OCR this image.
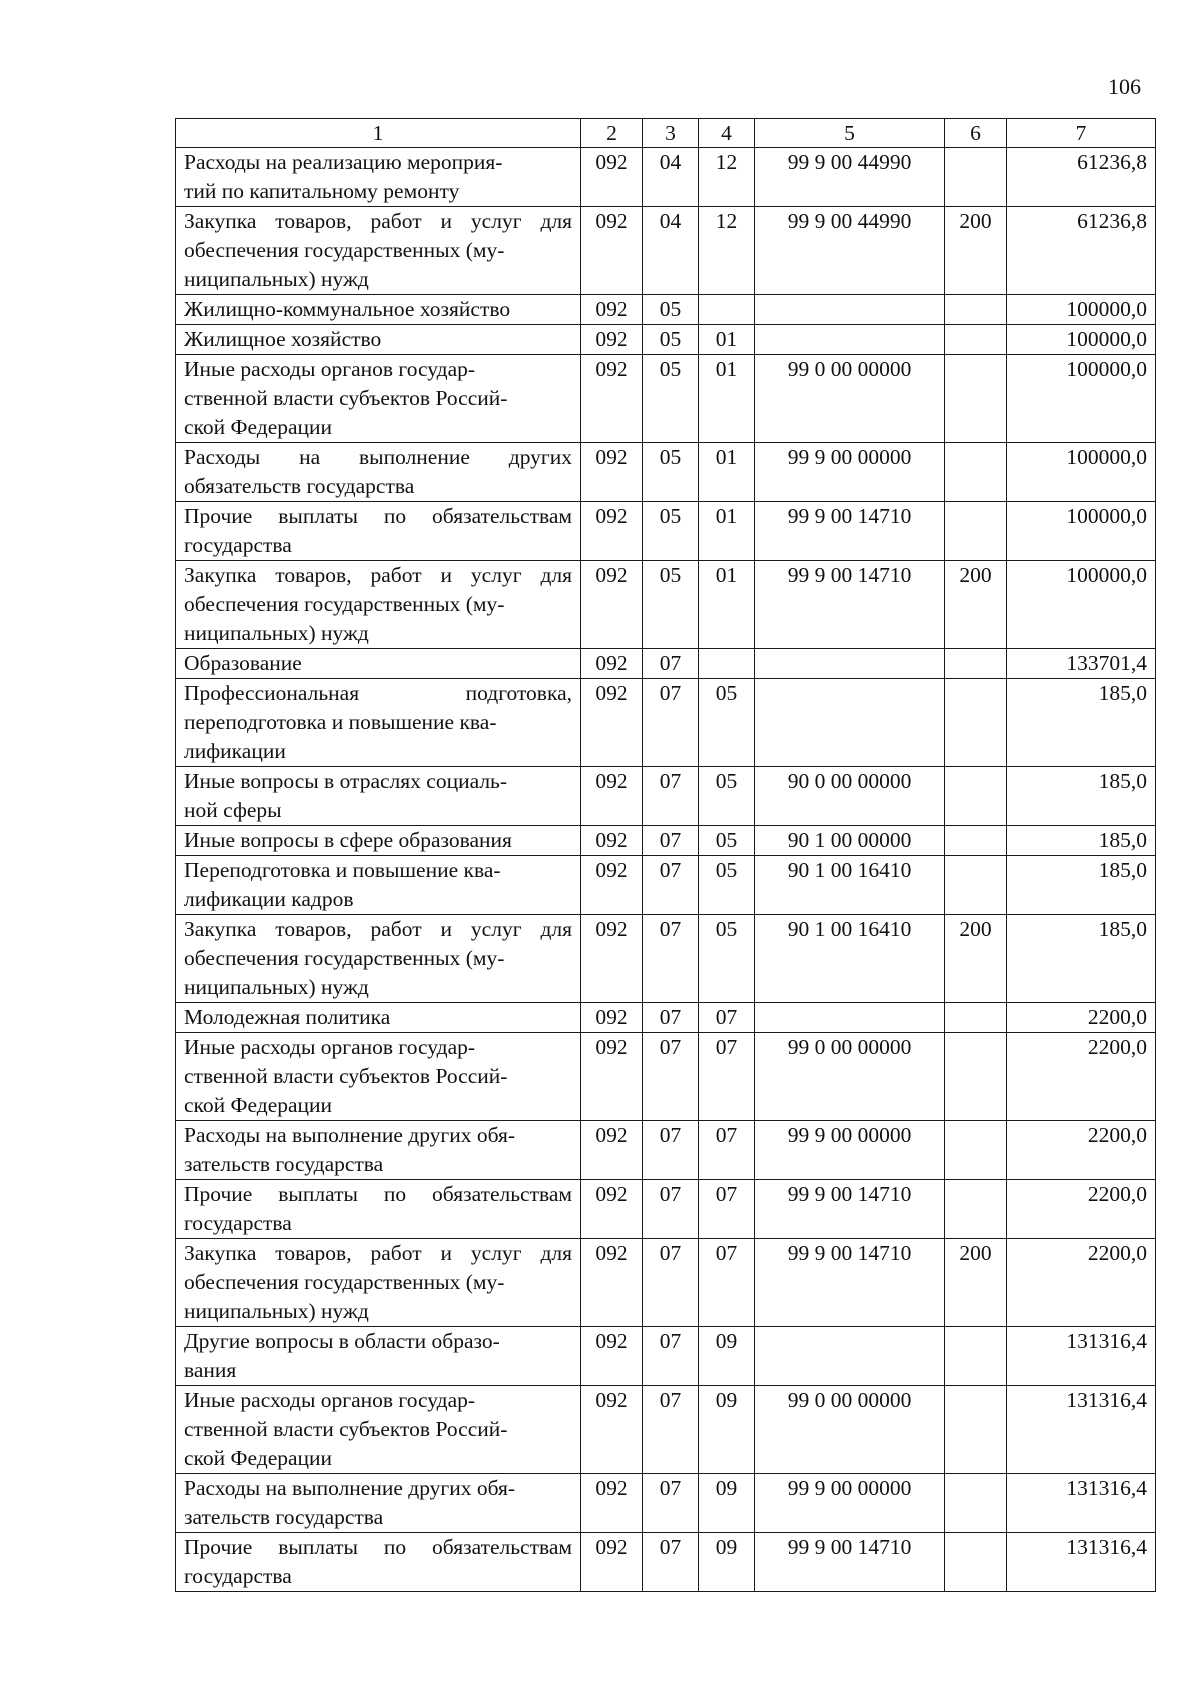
106
1	2	3	4	5	6	7
Расходы на реализацию мероприя-
тий по капитальному ремонту	092	04	12	99 9 00 44990		61236,8
Закупка товаров, работ и услуг для обеспечения государственных (му-
ниципальных) нужд	092	04	12	99 9 00 44990	200	61236,8
Жилищно-коммунальное хозяйство	092	05				100000,0
Жилищное хозяйство	092	05	01			100000,0
Иные расходы органов государ-
ственной власти субъектов Россий-
ской Федерации	092	05	01	99 0 00 00000		100000,0
Расходы на выполнение других обязательств государства	092	05	01	99 9 00 00000		100000,0
Прочие выплаты по обязательствам государства	092	05	01	99 9 00 14710		100000,0
Закупка товаров, работ и услуг для обеспечения государственных (му-
ниципальных) нужд	092	05	01	99 9 00 14710	200	100000,0
Образование	092	07				133701,4
Профессиональная подготовка, переподготовка и повышение ква-
лификации	092	07	05			185,0
Иные вопросы в отраслях социаль-
ной сферы	092	07	05	90 0 00 00000		185,0
Иные вопросы в сфере образования	092	07	05	90 1 00 00000		185,0
Переподготовка и повышение ква-
лификации кадров	092	07	05	90 1 00 16410		185,0
Закупка товаров, работ и услуг для обеспечения государственных (му-
ниципальных) нужд	092	07	05	90 1 00 16410	200	185,0
Молодежная политика	092	07	07			2200,0
Иные расходы органов государ-
ственной власти субъектов Россий-
ской Федерации	092	07	07	99 0 00 00000		2200,0
Расходы на выполнение других обя-
зательств государства	092	07	07	99 9 00 00000		2200,0
Прочие выплаты по обязательствам государства	092	07	07	99 9 00 14710		2200,0
Закупка товаров, работ и услуг для обеспечения государственных (му-
ниципальных) нужд	092	07	07	99 9 00 14710	200	2200,0
Другие вопросы в области образо-
вания	092	07	09			131316,4
Иные расходы органов государ-
ственной власти субъектов Россий-
ской Федерации	092	07	09	99 0 00 00000		131316,4
Расходы на выполнение других обя-
зательств государства	092	07	09	99 9 00 00000		131316,4
Прочие выплаты по обязательствам государства	092	07	09	99 9 00 14710		131316,4
